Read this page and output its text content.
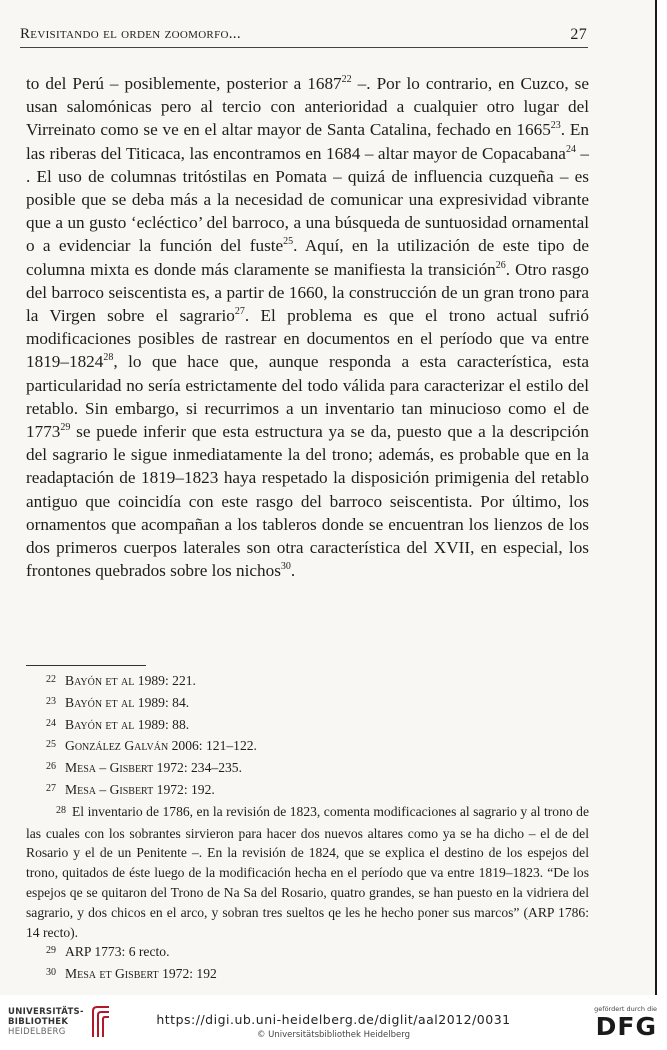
Revisitando el orden zoomorfo...	27

to del Perú – posiblemente, posterior a 1687$^{22}$ –. Por lo contrario, en Cuzco, se usan salomónicas pero al tercio con anterioridad a cualquier otro lugar del Virreinato como se ve en el altar mayor de Santa Catalina, fechado en 1665$^{23}$. En las riberas del Titicaca, las encontramos en 1684 – altar mayor de Copacabana$^{24}$ – . El uso de columnas tritóstilas en Pomata – quizá de influencia cuzqueña – es posible que se deba más a la necesidad de comunicar una expresividad vibrante que a un gusto ‘ecléctico’ del barroco, a una búsqueda de suntuosidad ornamental o a evidenciar la función del fuste$^{25}$. Aquí, en la utilización de este tipo de columna mixta es donde más claramente se manifiesta la transición$^{26}$. Otro rasgo del barroco seiscentista es, a partir de 1660, la construcción de un gran trono para la Virgen sobre el sagrario$^{27}$. El problema es que el trono actual sufrió modificaciones posibles de rastrear en documentos en el período que va entre 1819–1824$^{28}$, lo que hace que, aunque responda a esta característica, esta particularidad no sería estrictamente del todo válida para caracterizar el estilo del retablo. Sin embargo, si recurrimos a un inventario tan minucioso como el de 1773$^{29}$ se puede inferir que esta estructura ya se da, puesto que a la descripción del sagrario le sigue inmediatamente la del trono; además, es probable que en la readaptación de 1819–1823 haya respetado la disposición primigenia del retablo antiguo que coincidía con este rasgo del barroco seiscentista. Por último, los ornamentos que acompañan a los tableros donde se encuentran los lienzos de los dos primeros cuerpos laterales son otra característica del XVII, en especial, los frontones quebrados sobre los nichos$^{30}$.

22 Bayón et al 1989: 221.
23 Bayón et al 1989: 84.
24 Bayón et al 1989: 88.
25 González Galván 2006: 121–122.
26 Mesa – Gisbert 1972: 234–235.
27 Mesa – Gisbert 1972: 192.
$^{28}$ El inventario de 1786, en la revisión de 1823, comenta modificaciones al sagrario y al trono de las cuales con los sobrantes sirvieron para hacer dos nuevos altares como ya se ha dicho – el de del Rosario y el de un Penitente –. En la revisión de 1824, que se explica el destino de los espejos del trono, quitados de éste luego de la modificación hecha en el período que va entre 1819–1823. “De los espejos qe se quitaron del Trono de Na Sa del Rosario, quatro grandes, se han puesto en la vidriera del sagrario, y dos chicos en el arco, y sobran tres sueltos qe les he hecho poner sus marcos” (ARP 1786: 14 recto).
29 ARP 1773: 6 recto.
30 Mesa et Gisbert 1972: 192
UNIVERSITÄTS-
BIBLIOTHEK
HEIDELBERG
https://digi.ub.uni-heidelberg.de/diglit/aal2012/0031
© Universitätsbibliothek Heidelberg
gefördert durch die
DFG
